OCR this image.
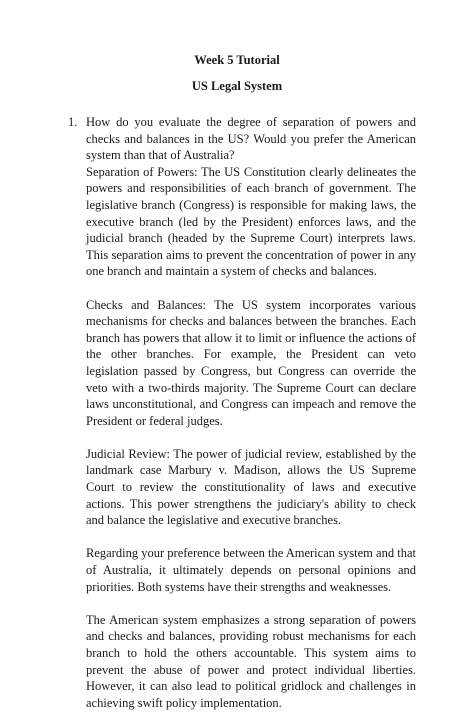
Week 5 Tutorial
US Legal System
1. How do you evaluate the degree of separation of powers and checks and balances in the US? Would you prefer the American system than that of Australia?

Separation of Powers: The US Constitution clearly delineates the powers and responsibilities of each branch of government. The legislative branch (Congress) is responsible for making laws, the executive branch (led by the President) enforces laws, and the judicial branch (headed by the Supreme Court) interprets laws. This separation aims to prevent the concentration of power in any one branch and maintain a system of checks and balances.

Checks and Balances: The US system incorporates various mechanisms for checks and balances between the branches. Each branch has powers that allow it to limit or influence the actions of the other branches. For example, the President can veto legislation passed by Congress, but Congress can override the veto with a two-thirds majority. The Supreme Court can declare laws unconstitutional, and Congress can impeach and remove the President or federal judges.

Judicial Review: The power of judicial review, established by the landmark case Marbury v. Madison, allows the US Supreme Court to review the constitutionality of laws and executive actions. This power strengthens the judiciary's ability to check and balance the legislative and executive branches.

Regarding your preference between the American system and that of Australia, it ultimately depends on personal opinions and priorities. Both systems have their strengths and weaknesses.

The American system emphasizes a strong separation of powers and checks and balances, providing robust mechanisms for each branch to hold the others accountable. This system aims to prevent the abuse of power and protect individual liberties. However, it can also lead to political gridlock and challenges in achieving swift policy implementation.
